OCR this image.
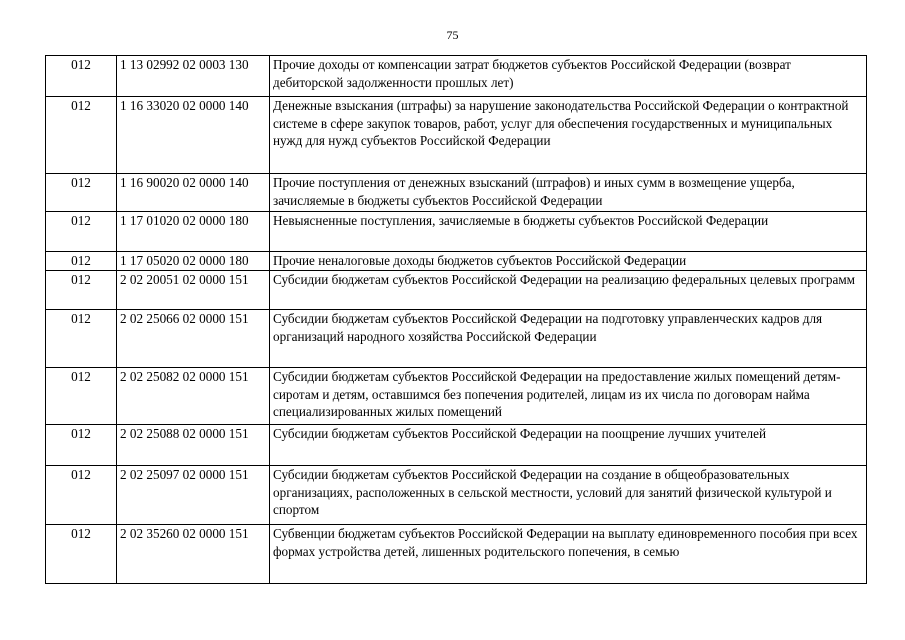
75
012	1 13 02992 02 0003 130	Прочие доходы от компенсации затрат бюджетов субъектов Российской Федерации (возврат дебиторской задолженности прошлых лет)
012	1 16 33020 02 0000 140	Денежные взыскания (штрафы) за нарушение законодательства Российской Федерации о контрактной системе в сфере закупок товаров, работ, услуг для обеспечения государственных и муниципальных нужд для нужд субъектов Российской Федерации
012	1 16 90020 02 0000 140	Прочие поступления от денежных взысканий (штрафов) и иных сумм в возмещение ущерба, зачисляемые в бюджеты субъектов Российской Федерации
012	1 17 01020 02 0000 180	Невыясненные поступления, зачисляемые в бюджеты субъектов Российской Федерации
012	1 17 05020 02 0000 180	Прочие неналоговые доходы бюджетов субъектов Российской Федерации
012	2 02 20051 02 0000 151	Субсидии бюджетам субъектов Российской Федерации на реализацию федеральных целевых программ
012	2 02 25066 02 0000 151	Субсидии бюджетам субъектов Российской Федерации на подготовку управленческих кадров для организаций народного хозяйства Российской Федерации
012	2 02 25082 02 0000 151	Субсидии бюджетам субъектов Российской Федерации на предоставление жилых помещений детям-сиротам и детям, оставшимся без попечения родителей, лицам из их числа по договорам найма специализированных жилых помещений
012	2 02 25088 02 0000 151	Субсидии бюджетам субъектов Российской Федерации на поощрение лучших учителей
012	2 02 25097 02 0000 151	Субсидии бюджетам субъектов Российской Федерации на создание в общеобразовательных организациях, расположенных в сельской местности, условий для занятий физической культурой и спортом
012	2 02 35260 02 0000 151	Субвенции бюджетам субъектов Российской Федерации на выплату единовременного пособия при всех формах устройства детей, лишенных родительского попечения, в семью
